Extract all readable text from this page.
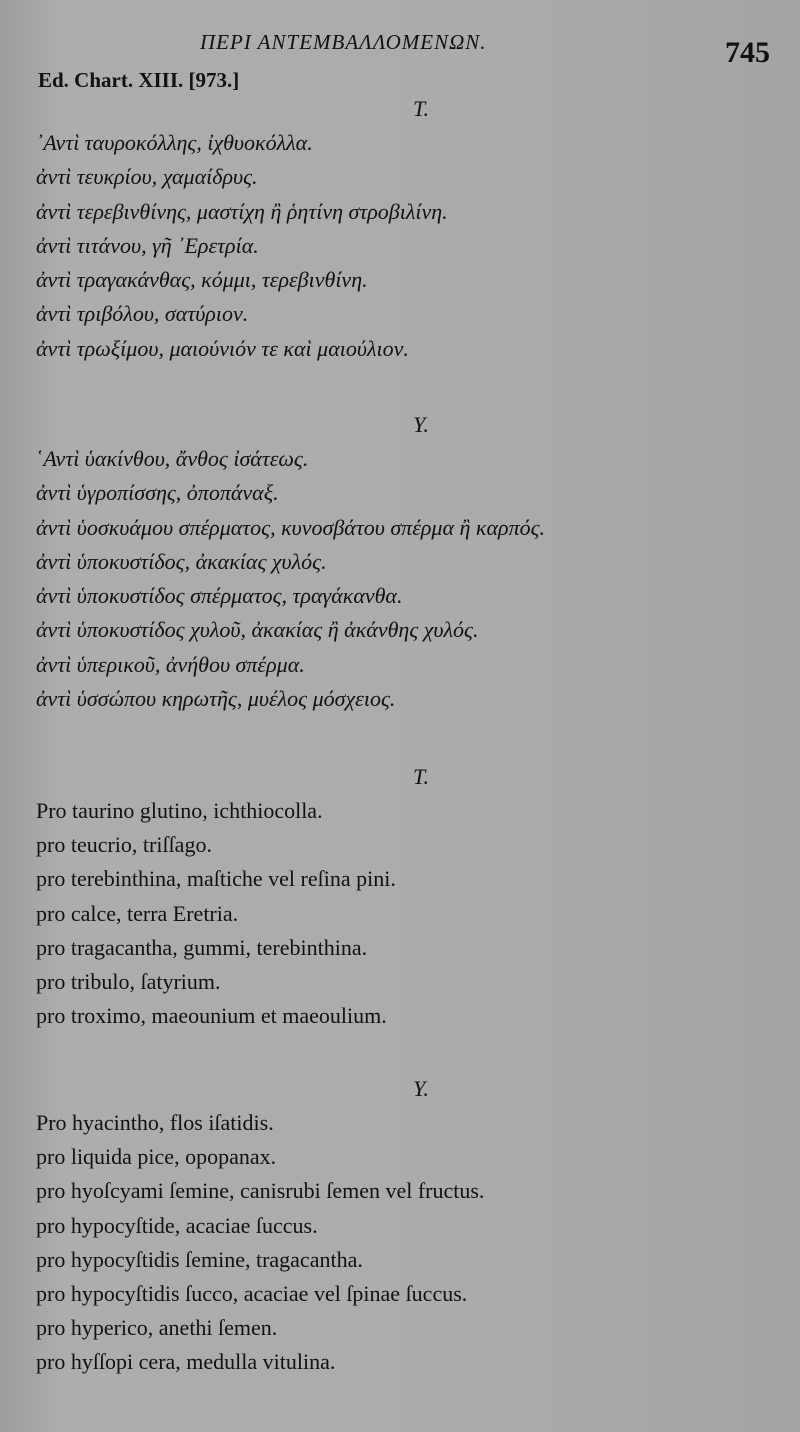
ΠΕΡΙ ΑΝΤΕΜΒΑΛΛΟΜΕΝΩΝ.	745
Ed. Chart. XIII. [973.]
T.
᾿Αντὶ ταυροκόλλης, ἰχθυοκόλλα.
ἀντὶ τευκρίου, χαμαίδρυς.
ἀντὶ τερεβινθίνης, μαστίχη ἢ ῥητίνη στροβιλίνη.
ἀντὶ τιτάνου, γῆ ᾿Ερετρία.
ἀντὶ τραγακάνθας, κόμμι, τερεβινθίνη.
ἀντὶ τριβόλου, σατύριον.
ἀντὶ τρωξίμου, μαιούνιόν τε καὶ μαιούλιον.
Υ.
῾Αντὶ ὑακίνθου, ἄνθος ἰσάτεως.
ἀντὶ ὑγροπίσσης, ὀποπάναξ.
ἀντὶ ὑοσκυάμου σπέρματος, κυνοσβάτου σπέρμα ἢ καρπός.
ἀντὶ ὑποκυστίδος, ἀκακίας χυλός.
ἀντὶ ὑποκυστίδος σπέρματος, τραγάκανθα.
ἀντὶ ὑποκυστίδος χυλοῦ, ἀκακίας ἢ ἀκάνθης χυλός.
ἀντὶ ὑπερικοῦ, ἀνήθου σπέρμα.
ἀντὶ ὑσσώπου κηρωτῆς, μυέλος μόσχειος.
T.
Pro taurino glutino, ichthiocolla.
pro teucrio, triſſago.
pro terebinthina, maſtiche vel reſina pini.
pro calce, terra Eretria.
pro tragacantha, gummi, terebinthina.
pro tribulo, ſatyrium.
pro troximo, maeounium et maeoulium.
Y.
Pro hyacintho, flos iſatidis.
pro liquida pice, opopanax.
pro hyoſcyami ſemine, canisrubi ſemen vel fructus.
pro hypocyſtide, acaciae ſuccus.
pro hypocyſtidis ſemine, tragacantha.
pro hypocyſtidis ſucco, acaciae vel ſpinae ſuccus.
pro hyperico, anethi ſemen.
pro hyſſopi cera, medulla vitulina.
